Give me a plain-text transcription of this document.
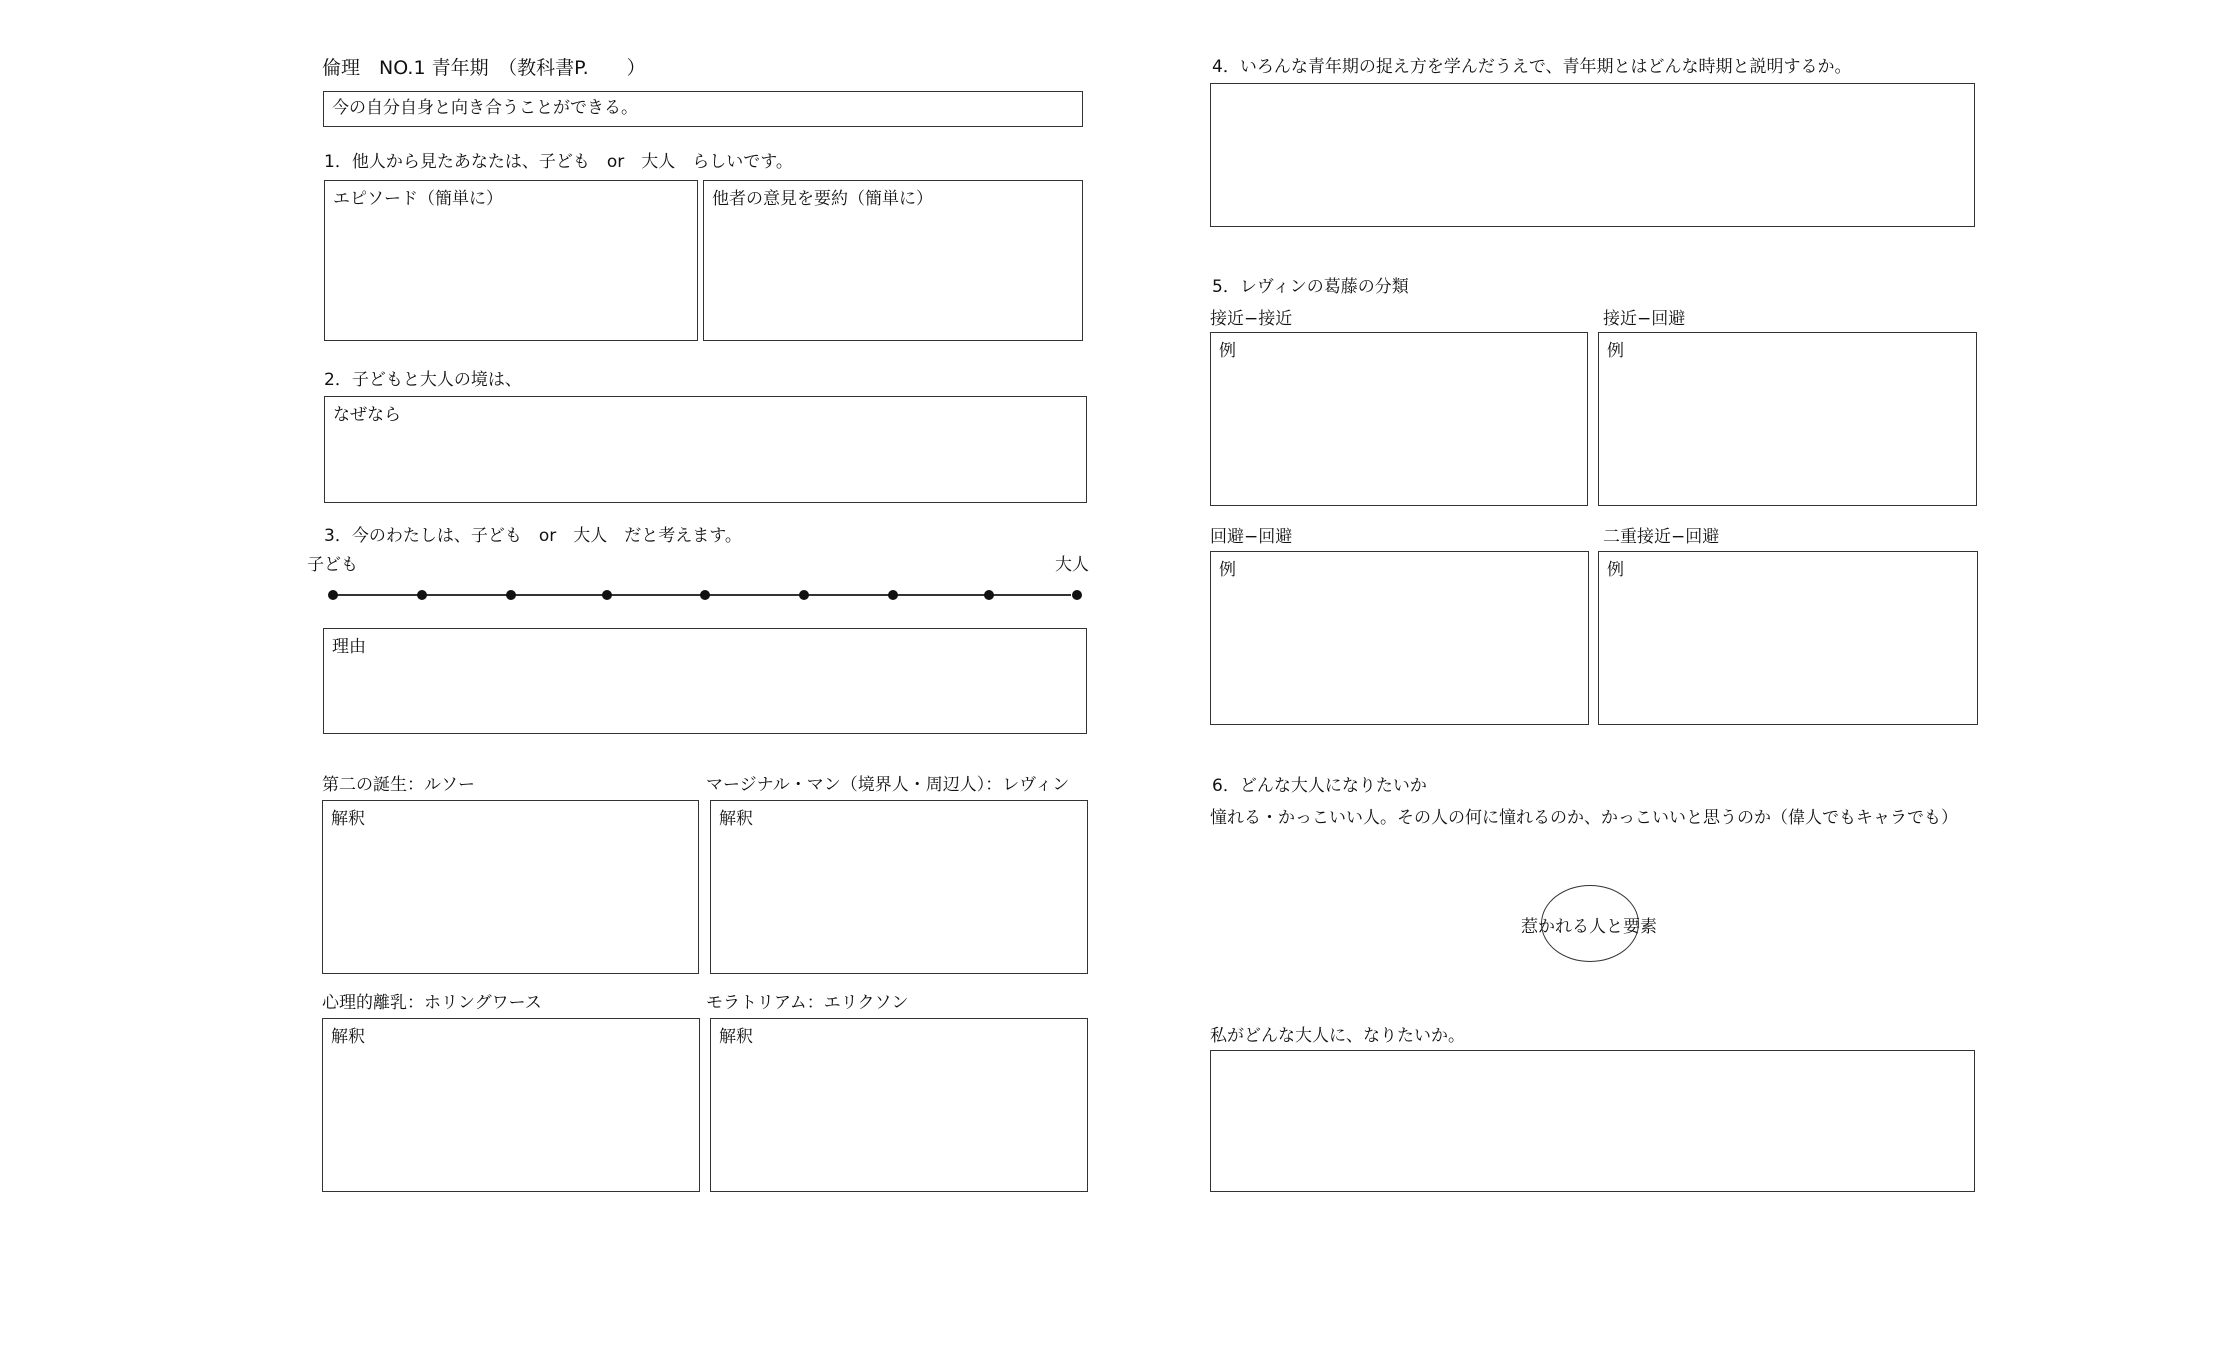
倫理　NO.1 青年期　（教科書P.　　）
今の自分自身と向き合うことができる。
1．他人から見たあなたは、子ども　or　大人　らしいです。
エピソード（簡単に）	他者の意見を要約（簡単に）
2．子どもと大人の境は、
なぜなら
3．今のわたしは、子ども　or　大人　だと考えます。
子ども	大人
理由
第二の誕生：ルソー	マージナル・マン（境界人・周辺人）：レヴィン
解釈	解釈
心理的離乳：ホリングワース	モラトリアム：エリクソン
解釈	解釈
4．いろんな青年期の捉え方を学んだうえで、青年期とはどんな時期と説明するか。
5．レヴィンの葛藤の分類
接近−接近	接近−回避
例	例
回避−回避	二重接近−回避
例	例
6．どんな大人になりたいか
憧れる・かっこいい人。その人の何に憧れるのか、かっこいいと思うのか（偉人でもキャラでも）
惹かれる人と要素
私がどんな大人に、なりたいか。
